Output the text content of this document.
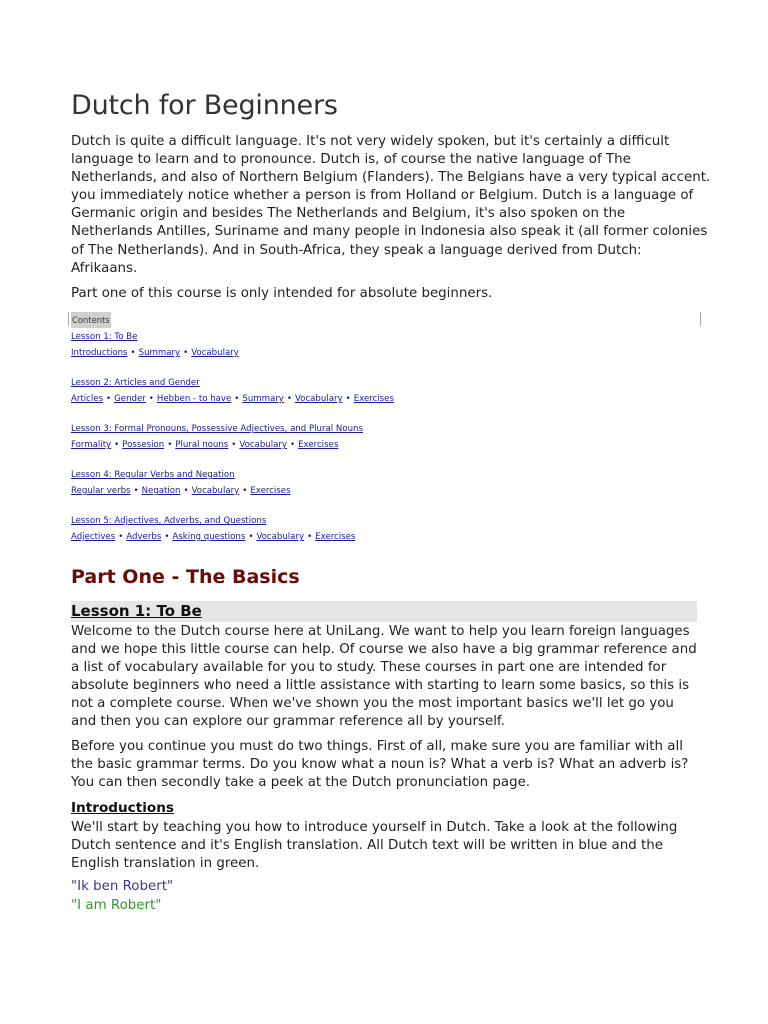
Dutch for Beginners

Dutch is quite a difficult language. It's not very widely spoken, but it's certainly a difficult language to learn and to pronounce. Dutch is, of course the native language of The Netherlands, and also of Northern Belgium (Flanders). The Belgians have a very typical accent. you immediately notice whether a person is from Holland or Belgium. Dutch is a language of Germanic origin and besides The Netherlands and Belgium, it's also spoken on the Netherlands Antilles, Suriname and many people in Indonesia also speak it (all former colonies of The Netherlands). And in South-Africa, they speak a language derived from Dutch: Afrikaans.

Part one of this course is only intended for absolute beginners.

Contents
Lesson 1: To Be
Introductions • Summary • Vocabulary
Lesson 2: Articles and Gender
Articles • Gender • Hebben - to have • Summary • Vocabulary • Exercises
Lesson 3: Formal Pronouns, Possessive Adjectives, and Plural Nouns
Formality • Possesion • Plural nouns • Vocabulary • Exercises
Lesson 4: Regular Verbs and Negation
Regular verbs • Negation • Vocabulary • Exercises
Lesson 5: Adjectives, Adverbs, and Questions
Adjectives • Adverbs • Asking questions • Vocabulary • Exercises
Part One - The Basics
Lesson 1: To Be

Welcome to the Dutch course here at UniLang. We want to help you learn foreign languages and we hope this little course can help. Of course we also have a big grammar reference and a list of vocabulary available for you to study. These courses in part one are intended for absolute beginners who need a little assistance with starting to learn some basics, so this is not a complete course. When we've shown you the most important basics we'll let go you and then you can explore our grammar reference all by yourself.

Before you continue you must do two things. First of all, make sure you are familiar with all the basic grammar terms. Do you know what a noun is? What a verb is? What an adverb is? You can then secondly take a peek at the Dutch pronunciation page.

Introductions

We'll start by teaching you how to introduce yourself in Dutch. Take a look at the following Dutch sentence and it's English translation. All Dutch text will be written in blue and the English translation in green.

"Ik ben Robert"
"I am Robert"
